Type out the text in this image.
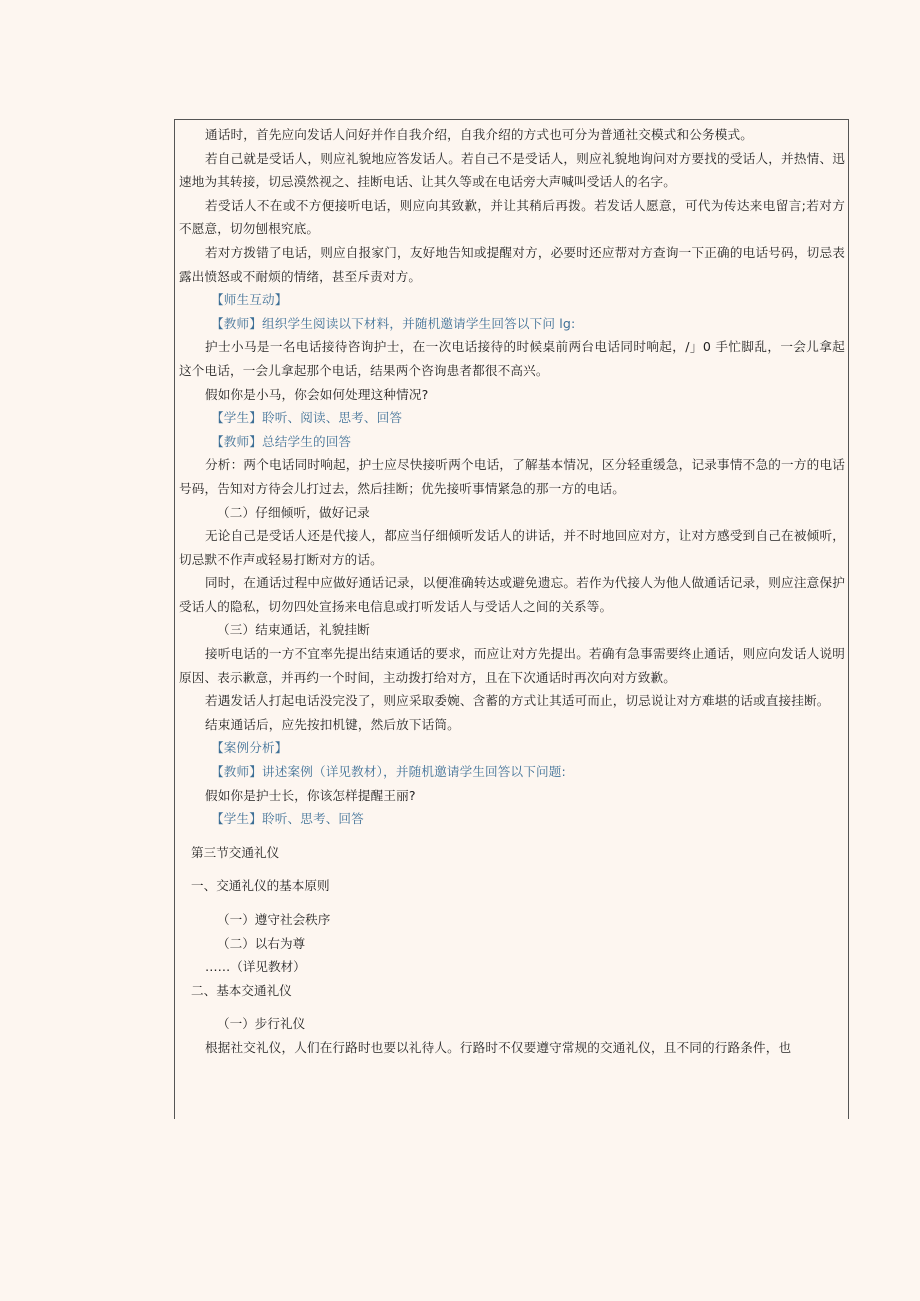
通话时，首先应向发话人问好并作自我介绍，自我介绍的方式也可分为普通社交模式和公务模式。

若自己就是受话人，则应礼貌地应答发话人。若自己不是受话人，则应礼貌地询问对方要找的受话人，并热情、迅速地为其转接，切忌漠然视之、挂断电话、让其久等或在电话旁大声喊叫受话人的名字。

若受话人不在或不方便接听电话，则应向其致歉，并让其稍后再拨。若发话人愿意，可代为传达来电留言;若对方不愿意，切勿刨根究底。

若对方拨错了电话，则应自报家门，友好地告知或提醒对方，必要时还应帮对方查询一下正确的电话号码，切忌表露出愤怒或不耐烦的情绪，甚至斥责对方。

【师生互动】

【教师】组织学生阅读以下材料，并随机邀请学生回答以下问 lg:

护士小马是一名电话接待咨询护士，在一次电话接待的时候桌前两台电话同时响起，/」0 手忙脚乱，一会儿拿起这个电话，一会儿拿起那个电话，结果两个咨询患者都很不高兴。

假如你是小马，你会如何处理这种情况?

【学生】聆听、阅读、思考、回答

【教师】总结学生的回答

分析：两个电话同时响起，护士应尽快接听两个电话，了解基本情况，区分轻重缓急，记录事情不急的一方的电话号码，告知对方待会儿打过去，然后挂断；优先接听事情紧急的那一方的电话。

（二）仔细倾听，做好记录

无论自己是受话人还是代接人，都应当仔细倾听发话人的讲话，并不时地回应对方，让对方感受到自己在被倾听，切忌默不作声或轻易打断对方的话。

同时，在通话过程中应做好通话记录，以便准确转达或避免遗忘。若作为代接人为他人做通话记录，则应注意保护受话人的隐私，切勿四处宣扬来电信息或打听发话人与受话人之间的关系等。

（三）结束通话，礼貌挂断

接听电话的一方不宜率先提出结束通话的要求，而应让对方先提出。若确有急事需要终止通话，则应向发话人说明原因、表示歉意，并再约一个时间，主动拨打给对方，且在下次通话时再次向对方致歉。

若遇发话人打起电话没完没了，则应采取委婉、含蓄的方式让其适可而止，切忌说让对方难堪的话或直接挂断。

结束通话后，应先按扣机键，然后放下话筒。

【案例分析】

【教师】讲述案例（详见教材），并随机邀请学生回答以下问题:

假如你是护士长，你该怎样提醒王丽?

【学生】聆听、思考、回答

第三节交通礼仪

一、交通礼仪的基本原则

（一）遵守社会秩序

（二）以右为尊

……（详见教材）

二、基本交通礼仪

（一）步行礼仪

根据社交礼仪，人们在行路时也要以礼待人。行路时不仅要遵守常规的交通礼仪，且不同的行路条件，也
